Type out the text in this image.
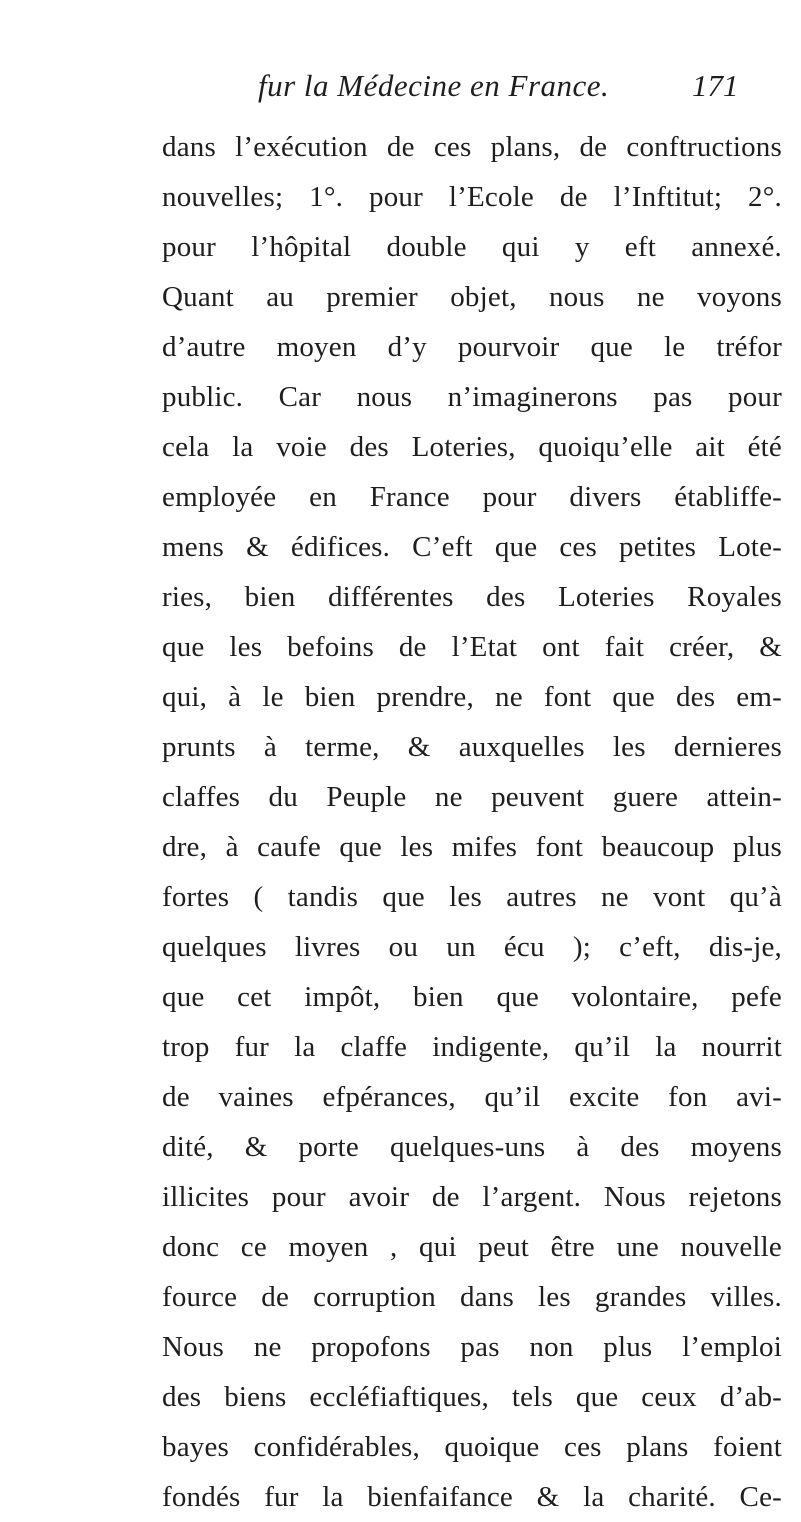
fur la Médecine en France.	171
dans l’exécution de ces plans, de conftructions
nouvelles; 1°. pour l’Ecole de l’Inftitut; 2°.
pour l’hôpital double qui y eft annexé.
Quant au premier objet, nous ne voyons
d’autre moyen d’y pourvoir que le tréfor
public. Car nous n’imaginerons pas pour
cela la voie des Loteries, quoiqu’elle ait été
employée en France pour divers établiffe-
mens & édifices. C’eft que ces petites Lote-
ries, bien différentes des Loteries Royales
que les befoins de l’Etat ont fait créer, &
qui, à le bien prendre, ne font que des em-
prunts à terme, & auxquelles les dernieres
claffes du Peuple ne peuvent guere attein-
dre, à caufe que les mifes font beaucoup plus
fortes ( tandis que les autres ne vont qu’à
quelques livres ou un écu ); c’eft, dis-je,
que cet impôt, bien que volontaire, pefe
trop fur la claffe indigente, qu’il la nourrit
de vaines efpérances, qu’il excite fon avi-
dité, & porte quelques-uns à des moyens
illicites pour avoir de l’argent. Nous rejetons
donc ce moyen , qui peut être une nouvelle
fource de corruption dans les grandes villes.
Nous ne propofons pas non plus l’emploi
des biens eccléfiaftiques, tels que ceux d’ab-
bayes confidérables, quoique ces plans foient
fondés fur la bienfaifance & la charité. Ce-
